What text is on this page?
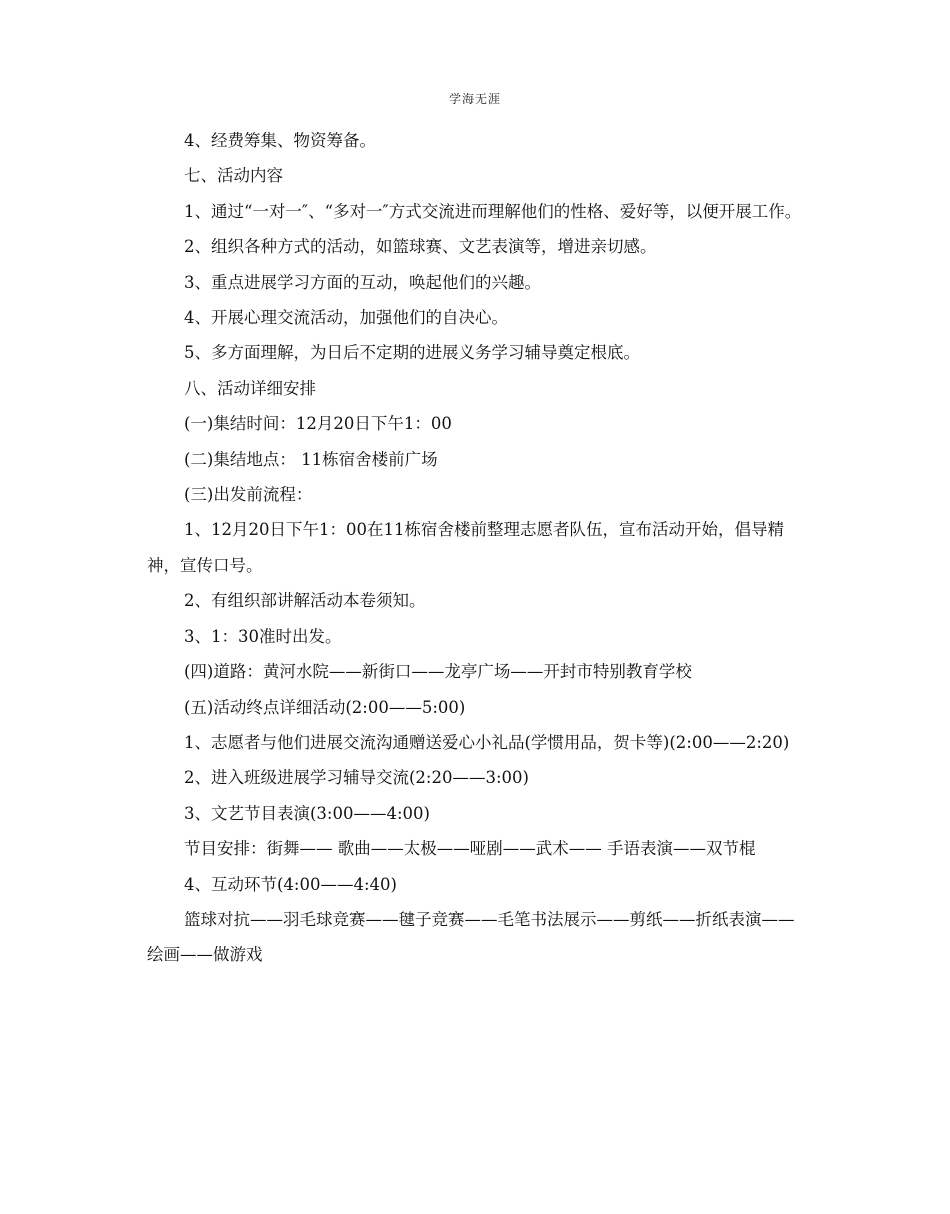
学海无涯

4、经费筹集、物资筹备。

七、活动内容

1、通过“一对一″、“多对一″方式交流进而理解他们的性格、爱好等，以便开展工作。

2、组织各种方式的活动，如篮球赛、文艺表演等，增进亲切感。

3、重点进展学习方面的互动，唤起他们的兴趣。

4、开展心理交流活动，加强他们的自决心。

5、多方面理解，为日后不定期的进展义务学习辅导奠定根底。

八、活动详细安排

(一)集结时间：12月20日下午1：00

(二)集结地点： 11栋宿舍楼前广场

(三)出发前流程：

1、12月20日下午1：00在11栋宿舍楼前整理志愿者队伍，宣布活动开始，倡导精神，宣传口号。

2、有组织部讲解活动本卷须知。

3、1：30准时出发。

(四)道路：黄河水院——新街口——龙亭广场——开封市特别教育学校

(五)活动终点详细活动(2:00——5:00)

1、志愿者与他们进展交流沟通赠送爱心小礼品(学惯用品，贺卡等)(2:00——2:20)

2、进入班级进展学习辅导交流(2:20——3:00)

3、文艺节目表演(3:00——4:00)

节目安排：街舞—— 歌曲——太极——哑剧——武术—— 手语表演——双节棍

4、互动环节(4:00——4:40)

篮球对抗——羽毛球竞赛——毽子竞赛——毛笔书法展示——剪纸——折纸表演——绘画——做游戏
